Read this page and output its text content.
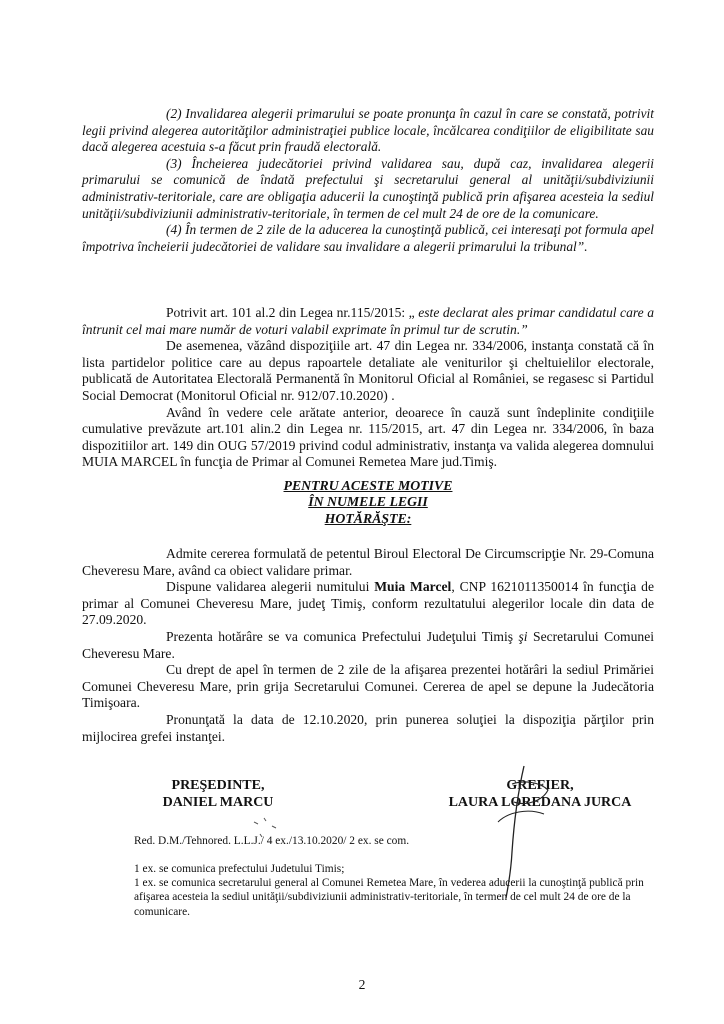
(2) Invalidarea alegerii primarului se poate pronunţa în cazul în care se constată, potrivit legii privind alegerea autorităţilor administraţiei publice locale, încălcarea condiţiilor de eligibilitate sau dacă alegerea acestuia s-a făcut prin fraudă electorală.

(3) Încheierea judecătoriei privind validarea sau, după caz, invalidarea alegerii primarului se comunică de îndată prefectului şi secretarului general al unităţii/subdiviziunii administrativ-teritoriale, care are obligaţia aducerii la cunoştinţă publică prin afişarea acesteia la sediul unităţii/subdiviziunii administrativ-teritoriale, în termen de cel mult 24 de ore de la comunicare.

(4) În termen de 2 zile de la aducerea la cunoştinţă publică, cei interesaţi pot formula apel împotriva încheierii judecătoriei de validare sau invalidare a alegerii primarului la tribunal”.

Potrivit art. 101 al.2 din Legea nr.115/2015: „ este declarat ales primar candidatul care a întrunit cel mai mare număr de voturi valabil exprimate în primul tur de scrutin.”

De asemenea, văzând dispoziţiile art. 47 din Legea nr. 334/2006, instanţa constată că în lista partidelor politice care au depus rapoartele detaliate ale veniturilor şi cheltuielilor electorale, publicată de Autoritatea Electorală Permanentă în Monitorul Oficial al României, se regasesc si Partidul Social Democrat (Monitorul Oficial nr. 912/07.10.2020) .

Având în vedere cele arătate anterior, deoarece în cauză sunt îndeplinite condiţiile cumulative prevăzute art.101 alin.2 din Legea nr. 115/2015, art. 47 din Legea nr. 334/2006, în baza dispozitiilor art. 149 din OUG 57/2019 privind codul administrativ, instanţa va valida alegerea domnului MUIA MARCEL în funcţia de Primar al Comunei Remetea Mare jud.Timiş.

PENTRU ACESTE MOTIVE
ÎN NUMELE LEGII
HOTĂRĂŞTE:

Admite cererea formulată de petentul Biroul Electoral De Circumscripţie Nr. 29-Comuna Cheveresu Mare, având ca obiect validare primar.

Dispune validarea alegerii numitului Muia Marcel, CNP 1621011350014 în funcţia de primar al Comunei Cheveresu Mare, judeţ Timiş, conform rezultatului alegerilor locale din data de 27.09.2020.

Prezenta hotărâre se va comunica Prefectului Judeţului Timiş şi Secretarului Comunei Cheveresu Mare.

Cu drept de apel în termen de 2 zile de la afişarea prezentei hotărâri la sediul Primăriei Comunei Cheveresu Mare, prin grija Secretarului Comunei. Cererea de apel se depune la Judecătoria Timişoara.

Pronunţată la data de 12.10.2020, prin punerea soluţiei la dispoziţia părţilor prin mijlocirea grefei instanţei.

PREŞEDINTE,
DANIEL MARCU
GREFIER,
LAURA LOREDANA JURCA
Red. D.M./Tehnored. L.L.J./ 4 ex./13.10.2020/ 2 ex. se com.

1 ex. se comunica prefectului Judetului Timis;

1 ex. se comunica secretarului general al Comunei Remetea Mare, în vederea aducerii la cunoştinţă publică prin afişarea acesteia la sediul unităţii/subdiviziunii administrativ-teritoriale, în termen de cel mult 24 de ore de la comunicare.

2
